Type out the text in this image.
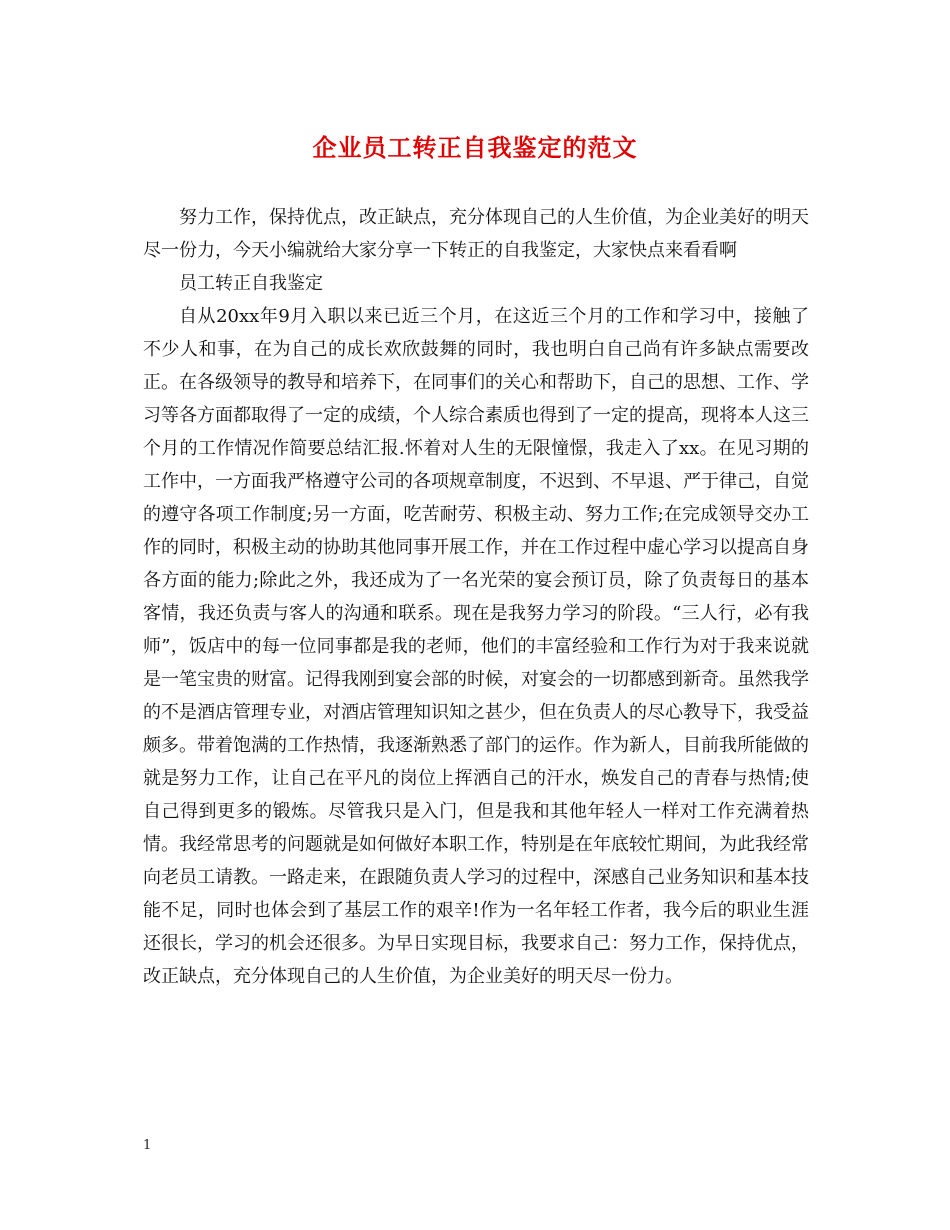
企业员工转正自我鉴定的范文

努力工作，保持优点，改正缺点，充分体现自己的人生价值，为企业美好的明天尽一份力，今天小编就给大家分享一下转正的自我鉴定，大家快点来看看啊

员工转正自我鉴定

自从20xx年9月入职以来已近三个月，在这近三个月的工作和学习中，接触了不少人和事，在为自己的成长欢欣鼓舞的同时，我也明白自己尚有许多缺点需要改正。在各级领导的教导和培养下，在同事们的关心和帮助下，自己的思想、工作、学习等各方面都取得了一定的成绩，个人综合素质也得到了一定的提高，现将本人这三个月的工作情况作简要总结汇报.怀着对人生的无限憧憬，我走入了xx。在见习期的工作中，一方面我严格遵守公司的各项规章制度，不迟到、不早退、严于律己，自觉的遵守各项工作制度;另一方面，吃苦耐劳、积极主动、努力工作;在完成领导交办工作的同时，积极主动的协助其他同事开展工作，并在工作过程中虚心学习以提高自身各方面的能力;除此之外，我还成为了一名光荣的宴会预订员，除了负责每日的基本客情，我还负责与客人的沟通和联系。现在是我努力学习的阶段。“三人行，必有我师”，饭店中的每一位同事都是我的老师，他们的丰富经验和工作行为对于我来说就是一笔宝贵的财富。记得我刚到宴会部的时候，对宴会的一切都感到新奇。虽然我学的不是酒店管理专业，对酒店管理知识知之甚少，但在负责人的尽心教导下，我受益颇多。带着饱满的工作热情，我逐渐熟悉了部门的运作。作为新人，目前我所能做的就是努力工作，让自己在平凡的岗位上挥洒自己的汗水，焕发自己的青春与热情;使自己得到更多的锻炼。尽管我只是入门，但是我和其他年轻人一样对工作充满着热情。我经常思考的问题就是如何做好本职工作，特别是在年底较忙期间，为此我经常向老员工请教。一路走来，在跟随负责人学习的过程中，深感自己业务知识和基本技能不足，同时也体会到了基层工作的艰辛!作为一名年轻工作者，我今后的职业生涯还很长，学习的机会还很多。为早日实现目标，我要求自己：努力工作，保持优点，改正缺点，充分体现自己的人生价值，为企业美好的明天尽一份力。

1
